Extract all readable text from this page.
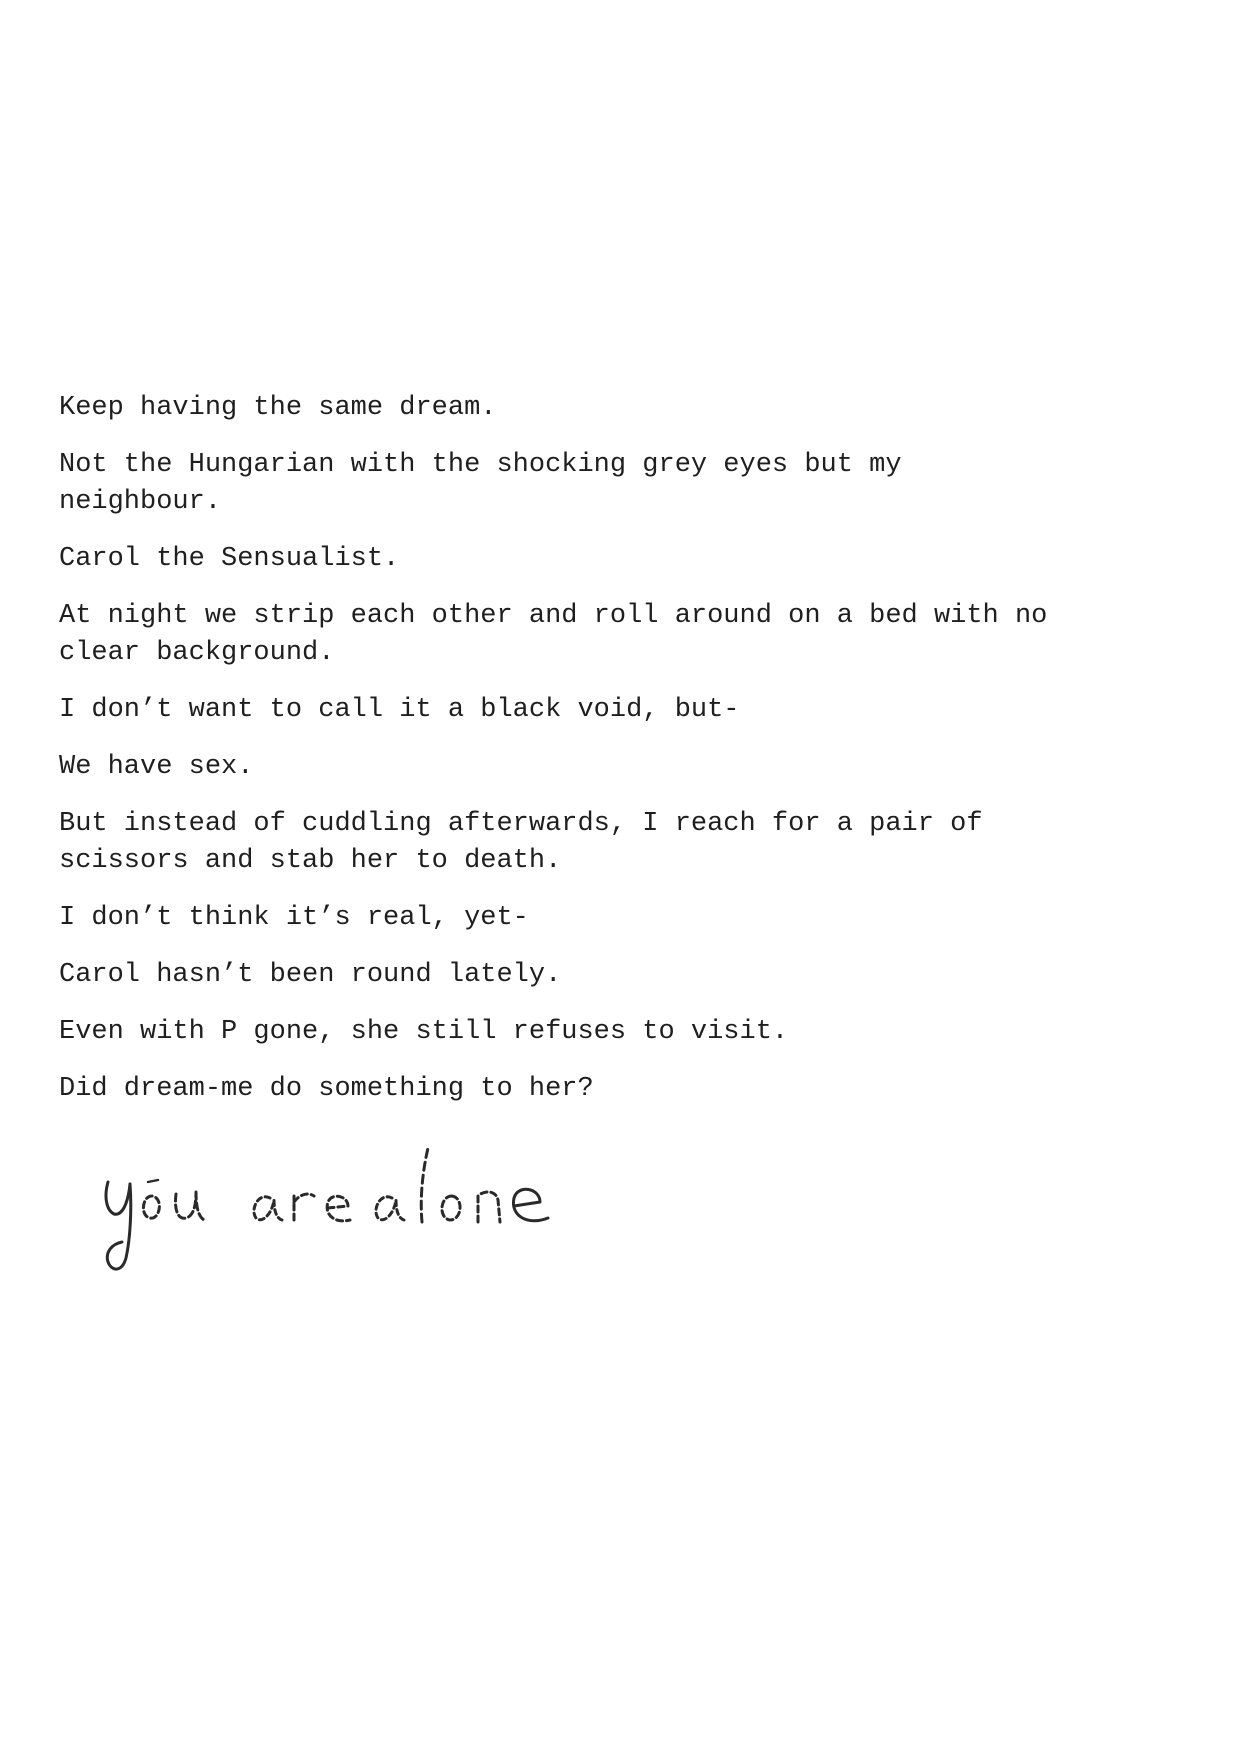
Keep having the same dream.

Not the Hungarian with the shocking grey eyes but my
neighbour.

Carol the Sensualist.

At night we strip each other and roll around on a bed with no
clear background.

I don’t want to call it a black void, but-

We have sex.

But instead of cuddling afterwards, I reach for a pair of
scissors and stab her to death.

I don’t think it’s real, yet-

Carol hasn’t been round lately.

Even with P gone, she still refuses to visit.

Did dream-me do something to her?
